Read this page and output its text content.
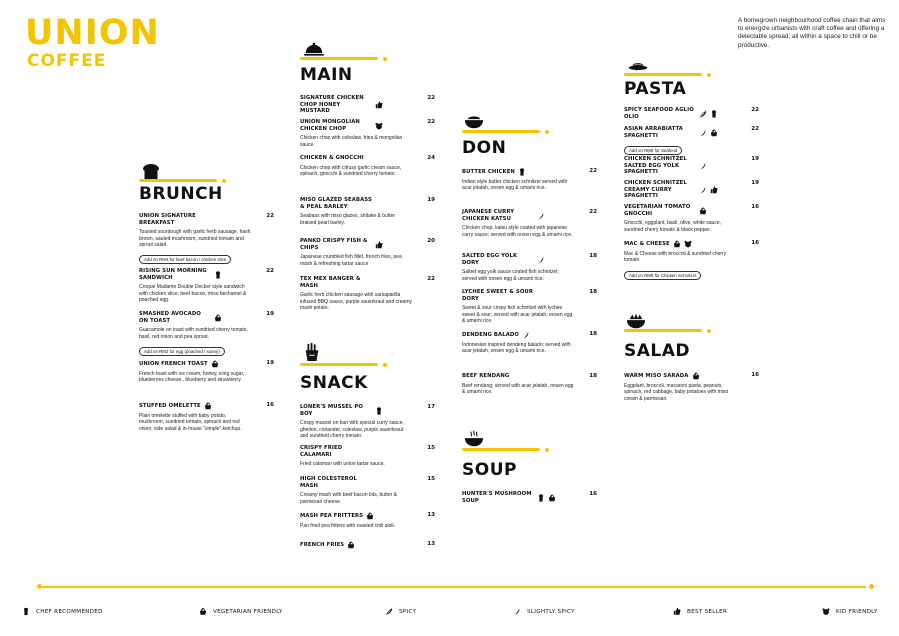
UNION
COFFEE
A homegrown neighbourhood coffee chain that aims to energize urbanists with craft coffee and offering a delectable spread; all within a space to chill or be productive.
BRUNCH
UNION SIGNATURE BREAKFAST
22
Toasted sourdough with garlic herb sausage, hash brown, sauted mushroom, sundried tomato and sprout salad.
Add on RM4 for beef bacon / chicken slice
RISING SUN MORNING SANDWICH
22
Croque Madame Double Decker style sandwich with chicken slice, beef bacon, miso bechamel & poached egg.
SMASHED AVOCADO ON TOAST
19
Guacamole on toast with sundried cherry tomato, basil, red onion and pea sprout.
Add on RM2 for egg (poached / sunny)
UNION FRENCH TOAST	19
French toast with ice cream, honey, icing sugar, blueberries cheese , blueberry and strawberry.
STUFFED OMELETTE	16
Plain omelette stuffed with baby potato, mushroom, sundried tomato, spinach and red onion; side salad & in-house "simple" ketchup.
MAIN
SIGNATURE CHICKEN CHOP HONEY MUSTARD
22
UNION MONGOLIAN CHICKEN CHOP
22
Chicken chop with coleslaw, fries & mongolian sauce.
CHICKEN & GNOCCHI	24
Chicken chop with citrusy garlic cream sauce, spinach, gnocchi & sundried cherry tomato.
MISO GLAZED SEABASS & PEAL BARLEY
19
Seabass with miso glazes, shitake & butter braised pearl barley.
PANKO CRISPY FISH & CHIPS
20
Japanese crumbled fish fillet, french fries, pea mash & refreshing tartar sauce
TEX MEX BANGER & MASH
22
Garlic herb chicken sausage with sarsaparilla infused BBQ sauce, purple sauerkraut and creamy mash potato.
SNACK
LONER'S MUSSEL PO BOY
17
Crispy mussel on bun with special curry sauce, gherkin, coriander, coleslaw, purple sauerkraut and sundried cherry tomato.
CRISPY FRIED CALAMARI
15
Fried calamari with union tartar sauce.
HIGH COLESTEROL MASH
15
Creamy mash with beef bacon bits, butter & parmesan cheese.
MASH PEA FRITTERS	13
Pan fried pea fritters with roasted chili aioli.
FRENCH FRIES	13
DON
BUTTER CHICKEN	22
Indian style butter chicken schnitzel served with acar jelatah, onsen egg & umami rice.
JAPANESE CURRY CHICKEN KATSU
22
Chicken chop, katsu style coated with japanese curry sauce; served with onsen egg & umami rice.
SALTED EGG YOLK DORY
18
Salted egg yolk sauce coated fish schnitzel; served with onsen egg & umami rice.
LYCHEE SWEET & SOUR DORY
18
Sweet & sour crispy fish schnitzel with lychee sweet & sour; served with acar jelatah, onsen egg & umami rice.
DENDENG BALADO	18
Indonesian inspired dendeng balado; served with acar jelatah, onsen egg & umami rice.
BEEF RENDANG	18
Beef rendang; served with acar jelatah, onsen egg & umami rice.
SOUP
HUNTER'S MUSHROOM SOUP
16
PASTA
SPICY SEAFOOD AGLIO OLIO
22
ASIAN ARRABIATTA SPAGHETTI
22
Add on RM8 for Seafood
CHICKEN SCHNITZEL SALTED EGG YOLK SPAGHETTI
19
CHICKEN SCHNITZEL CREAMY CURRY SPAGHETTI
19
VEGETARIAN TOMATO GNOCCHI
16
Gnocchi, eggplant, basil, olive, white sauce, sundried cherry tomato & black pepper.
MAC & CHEESE	16
Mac & Cheese with broccoli & sundried cherry tomato.
Add on RM8 for Chicken Schnitzel
SALAD
WARM MISO SARADA	16
Eggplant, broccoli, macaroni pasta, peanuts, spinach, red cabbage, baby potatoes with miso cream & parmesan.
CHEF RECOMMENDED	VEGETARIAN FRIENDLY	SPICY	SLIGHTLY SPICY	BEST SELLER	KID FRIENDLY
